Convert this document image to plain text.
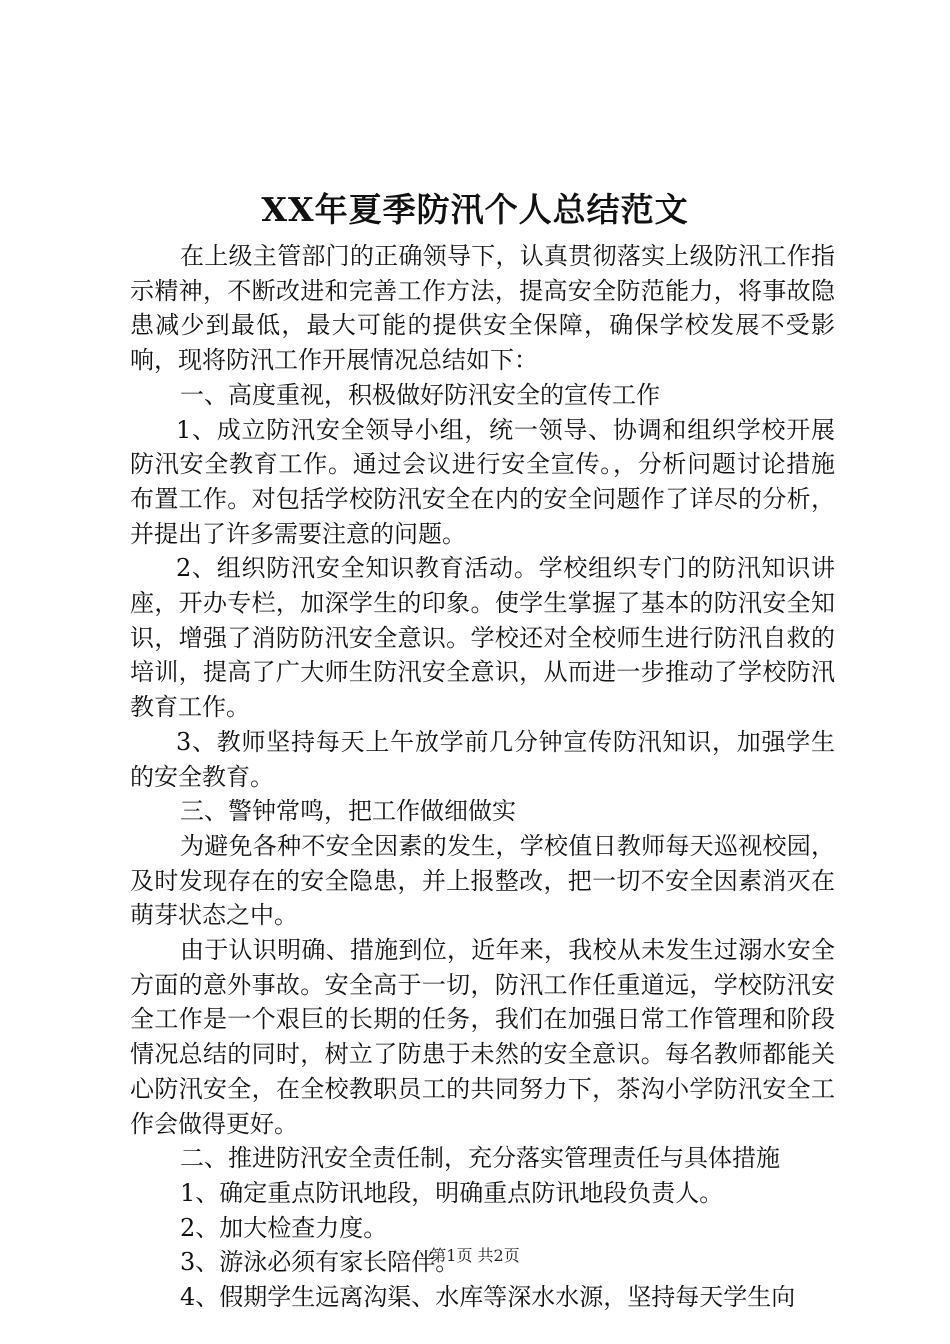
XX年夏季防汛个人总结范文

在上级主管部门的正确领导下，认真贯彻落实上级防汛工作指示精神，不断改进和完善工作方法，提高安全防范能力，将事故隐患减少到最低，最大可能的提供安全保障，确保学校发展不受影响，现将防汛工作开展情况总结如下：

一、高度重视，积极做好防汛安全的宣传工作

1、成立防汛安全领导小组，统一领导、协调和组织学校开展防汛安全教育工作。通过会议进行安全宣传。，分析问题讨论措施布置工作。对包括学校防汛安全在内的安全问题作了详尽的分析，并提出了许多需要注意的问题。

2、组织防汛安全知识教育活动。学校组织专门的防汛知识讲座，开办专栏，加深学生的印象。使学生掌握了基本的防汛安全知识，增强了消防防汛安全意识。学校还对全校师生进行防汛自救的培训，提高了广大师生防汛安全意识，从而进一步推动了学校防汛教育工作。

3、教师坚持每天上午放学前几分钟宣传防汛知识，加强学生的安全教育。

三、警钟常鸣，把工作做细做实

为避免各种不安全因素的发生，学校值日教师每天巡视校园，及时发现存在的安全隐患，并上报整改，把一切不安全因素消灭在萌芽状态之中。

由于认识明确、措施到位，近年来，我校从未发生过溺水安全方面的意外事故。安全高于一切，防汛工作任重道远，学校防汛安全工作是一个艰巨的长期的任务，我们在加强日常工作管理和阶段情况总结的同时，树立了防患于未然的安全意识。每名教师都能关心防汛安全，在全校教职员工的共同努力下，茶沟小学防汛安全工作会做得更好。

二、推进防汛安全责任制，充分落实管理责任与具体措施

1、确定重点防讯地段，明确重点防讯地段负责人。

2、加大检查力度。

3、游泳必须有家长陪伴。

4、假期学生远离沟渠、水库等深水水源，坚持每天学生向

第1页 共2页
